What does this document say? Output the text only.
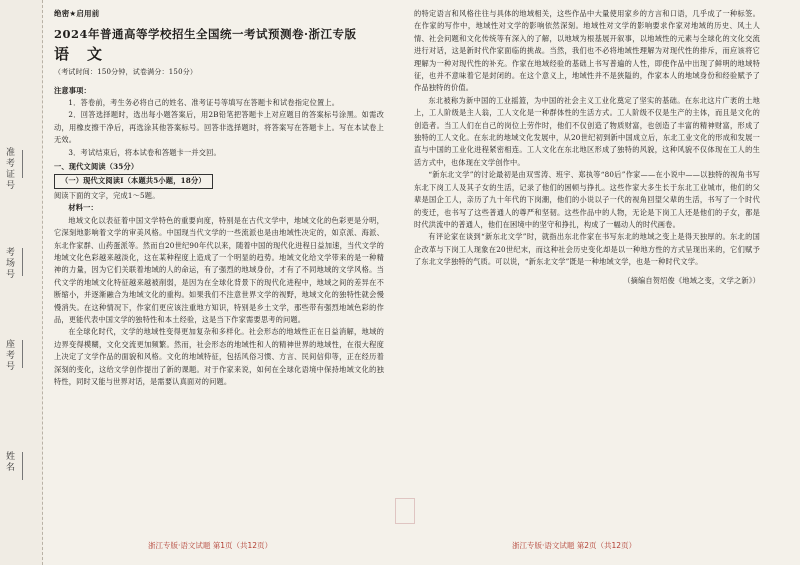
准考证号
考场号
座考号
姓名

绝密★启用前

2024年普通高等学校招生全国统一考试预测卷·浙江专版

语文

（考试时间：150分钟，试卷满分：150分）

注意事项：

1．答卷前，考生务必将自己的姓名、准考证号等填写在答题卡和试卷指定位置上。

2．回答选择题时，选出每小题答案后，用2B铅笔把答题卡上对应题目的答案标号涂黑。如需改动，用橡皮擦干净后，再选涂其他答案标号。回答非选择题时，将答案写在答题卡上。写在本试卷上无效。

3．考试结束后，将本试卷和答题卡一并交回。

一、现代文阅读（35分）

（一）现代文阅读Ⅰ（本题共5小题，18分）

阅读下面的文字，完成1～5题。

材料一：

地域文化以表征着中国文学特色的重要向度，特别是在古代文学中，地域文化的色彩更是分明，它深刻地影响着文学的审美风格。中国现当代文学的一些流派也是由地域性决定的，如京派、海派、东北作家群、山药蛋派等。然而自20世纪90年代以来，随着中国的现代化进程日益加速，当代文学的地域文化色彩越来越淡化，这在某种程度上造成了一个明显的趋势。地域文化给文学带来的是一种精神的力量，因为它们关联着地域的人的命运，有了强烈的地域身份，才有了不同地域的文学风格。当代文学的地域文化特征越来越被削弱，是因为在全球化背景下的现代化进程中，地域之间的差异在不断缩小，并逐渐融合为地域文化的重构。如果我们不注意世界文学的视野，地域文化的独特性就会慢慢消失。在这种情况下，作家们更应该注重地方知识，特别是乡土文学，那些带有强烈地域色彩的作品，更能代表中国文学的独特性和本土经验，这是当下作家需要思考的问题。

在全球化时代，文学的地域性变得更加复杂和多样化。社会形态的地域性正在日益消解，地域的边界变得模糊，文化交流更加频繁。然而，社会形态的地域性和人的精神世界的地域性，在很大程度上决定了文学作品的面貌和风格。文化的地域特征，包括风俗习惯、方言、民间信仰等，正在经历着深刻的变化，这给文学创作提出了新的课题。对于作家来说，如何在全球化语境中保持地域文化的独特性，同时又能与世界对话，是需要认真面对的问题。

的特定语言和风格往往与具体的地域相关，这些作品中大量使用家乡的方言和口语，几乎成了一种标签。在作家的写作中，地域性对文学的影响依然深刻。地域性对文学的影响要求作家对地域的历史、风土人情、社会问题和文化传统等有深入的了解，以地域为根基展开叙事，以地域性的元素与全球化的文化交流进行对话，这是新时代作家面临的挑战。当然，我们也不必将地域性理解为对现代性的排斥，而应该将它理解为一种对现代性的补充。作家在地域经验的基础上书写普遍的人性，即使作品中出现了鲜明的地域特征，也并不意味着它是封闭的。在这个意义上，地域性并不是狭隘的，作家本人的地域身份和经验赋予了作品独特的价值。

东北被称为新中国的工业摇篮，为中国的社会主义工业化奠定了坚实的基础。在东北这片广袤的土地上，工人阶级是主人翁，工人文化是一种群体性的生活方式。工人阶级不仅是生产的主体，而且是文化的创造者。当工人们在自己的岗位上劳作时，他们不仅创造了物质财富，也创造了丰富的精神财富，形成了独特的工人文化。在东北的地域文化发展中，从20世纪初到新中国成立后，东北工业文化的形成和发展一直与中国的工业化进程紧密相连。工人文化在东北地区形成了独特的风貌，这种风貌不仅体现在工人的生活方式中，也体现在文学创作中。

“新东北文学”的讨论最初是由双雪涛、班宇、郑执等“80后”作家——在小说中——以独特的视角书写东北下岗工人及其子女的生活，记录了他们的困顿与挣扎。这些作家大多生长于东北工业城市，他们的父辈是国企工人，亲历了九十年代的下岗潮，他们的小说以子一代的视角回望父辈的生活，书写了一个时代的变迁，也书写了这些普通人的尊严和坚韧。这些作品中的人物，无论是下岗工人还是他们的子女，都是时代洪流中的普通人，他们在困境中的坚守和挣扎，构成了一幅动人的时代画卷。

有评论家在谈到“新东北文学”时，就指出东北作家在书写东北的地域之变上是得天独厚的。东北的国企改革与下岗工人现象在20世纪末，而这种社会历史变化却是以一种地方性的方式呈现出来的，它们赋予了东北文学独特的气质。可以说，“新东北文学”既是一种地域文学，也是一种时代文学。

（摘编自贺绍俊《地域之变，文学之新》）

浙江专版·语文试题 第1页（共12页）	浙江专版·语文试题 第2页（共12页）
